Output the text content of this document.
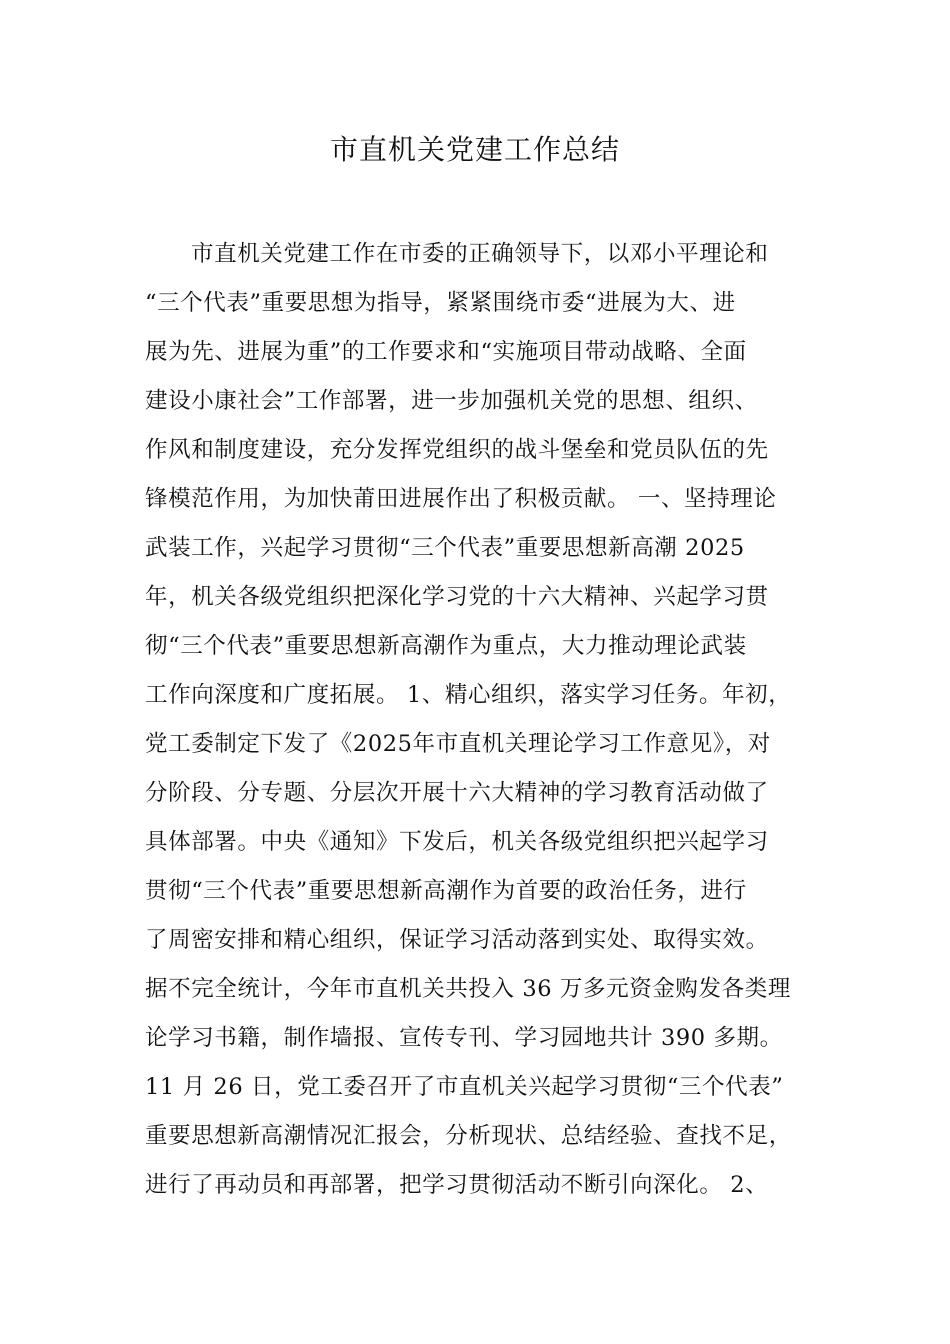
市直机关党建工作总结
市直机关党建工作在市委的正确领导下，以邓小平理论和
“三个代表”重要思想为指导，紧紧围绕市委“进展为大、进
展为先、进展为重”的工作要求和“实施项目带动战略、全面
建设小康社会”工作部署，进一步加强机关党的思想、组织、
作风和制度建设，充分发挥党组织的战斗堡垒和党员队伍的先
锋模范作用，为加快莆田进展作出了积极贡献。 一、坚持理论
武装工作，兴起学习贯彻“三个代表”重要思想新高潮 2025
年，机关各级党组织把深化学习党的十六大精神、兴起学习贯
彻“三个代表”重要思想新高潮作为重点，大力推动理论武装
工作向深度和广度拓展。 1、精心组织，落实学习任务。年初，
党工委制定下发了《2025年市直机关理论学习工作意见》，对
分阶段、分专题、分层次开展十六大精神的学习教育活动做了
具体部署。中央《通知》下发后，机关各级党组织把兴起学习
贯彻“三个代表”重要思想新高潮作为首要的政治任务，进行
了周密安排和精心组织，保证学习活动落到实处、取得实效。
据不完全统计，今年市直机关共投入 36 万多元资金购发各类理
论学习书籍，制作墙报、宣传专刊、学习园地共计 390 多期。
11 月 26 日，党工委召开了市直机关兴起学习贯彻“三个代表”
重要思想新高潮情况汇报会，分析现状、总结经验、查找不足，
进行了再动员和再部署，把学习贯彻活动不断引向深化。 2、
